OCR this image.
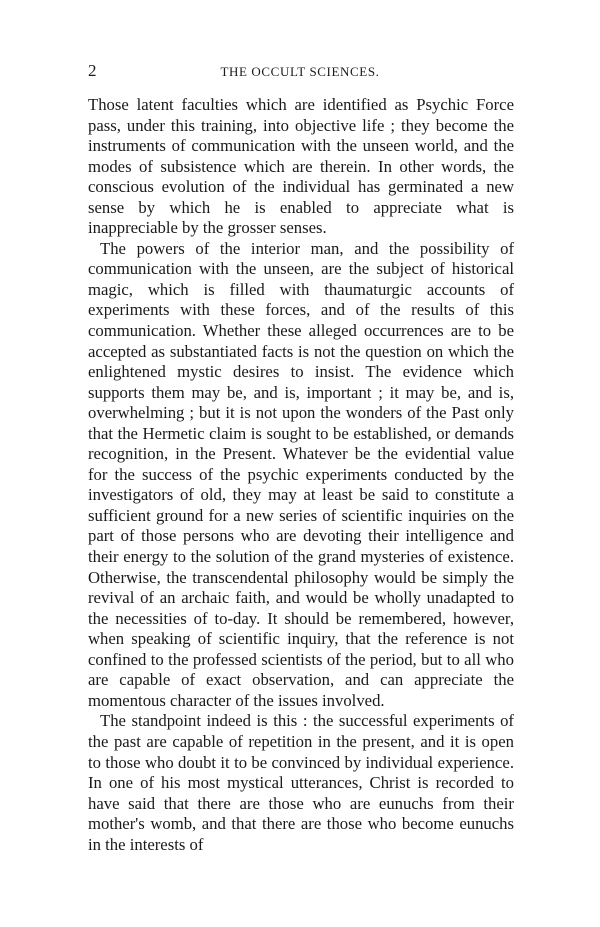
2	THE OCCULT SCIENCES.

Those latent faculties which are identified as Psychic Force pass, under this training, into objective life ; they become the instruments of communication with the unseen world, and the modes of subsistence which are therein. In other words, the conscious evolution of the individual has germinated a new sense by which he is enabled to appreciate what is inappreciable by the grosser senses.

The powers of the interior man, and the possibility of communication with the unseen, are the subject of historical magic, which is filled with thaumaturgic accounts of experiments with these forces, and of the results of this communication. Whether these alleged occurrences are to be accepted as substantiated facts is not the question on which the enlightened mystic desires to insist. The evidence which supports them may be, and is, important ; it may be, and is, overwhelming ; but it is not upon the wonders of the Past only that the Hermetic claim is sought to be established, or demands recognition, in the Present. Whatever be the evidential value for the success of the psychic experiments conducted by the investigators of old, they may at least be said to constitute a sufficient ground for a new series of scientific inquiries on the part of those persons who are devoting their intelligence and their energy to the solution of the grand mysteries of existence. Otherwise, the transcendental philosophy would be simply the revival of an archaic faith, and would be wholly unadapted to the necessities of to-day. It should be remembered, however, when speaking of scientific inquiry, that the reference is not confined to the professed scientists of the period, but to all who are capable of exact observation, and can appreciate the momentous character of the issues involved.

The standpoint indeed is this : the successful experiments of the past are capable of repetition in the present, and it is open to those who doubt it to be convinced by individual experience. In one of his most mystical utterances, Christ is recorded to have said that there are those who are eunuchs from their mother's womb, and that there are those who become eunuchs in the interests of
